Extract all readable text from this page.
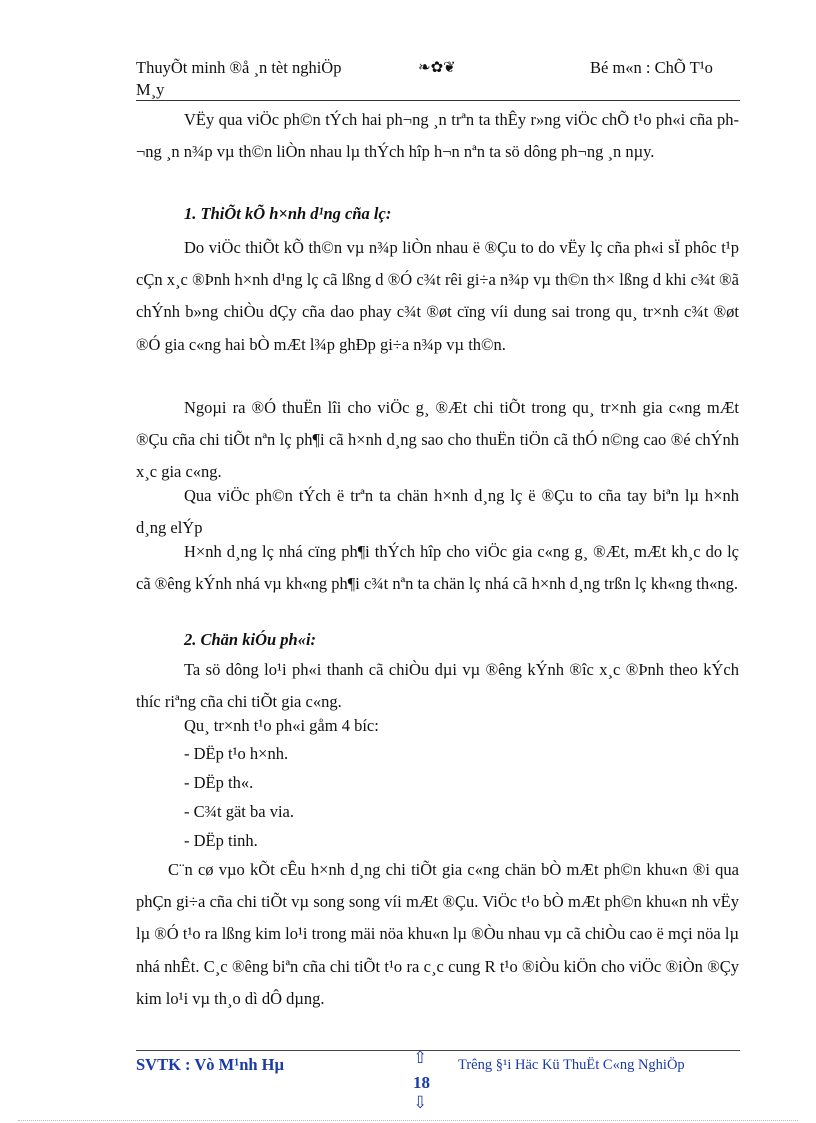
ThuyÕt minh ®å ¸n tèt nghiÖp	❧✿❦	Bé m«n : ChÕ T¹o
M¸y
VËy qua viÖc ph©n tÝch hai ph¬ng ¸n trªn ta thÊy r»ng viÖc chÕ t¹o ph«i cña ph¬ng ¸n n¾p vµ th©n liÒn nhau lµ thÝch hîp h¬n nªn ta sö dông ph¬ng ¸n nµy.
1. ThiÕt kÕ h×nh d¹ng cña lç:
Do viÖc thiÕt kÕ th©n vµ n¾p liÒn nhau ë ®Çu to do vËy lç cña ph«i sÏ phôc t¹p cÇn x¸c ®Þnh h×nh d¹ng lç cã lßng d ®Ó c¾t rêi gi÷a n¾p vµ th©n th× lßng d khi c¾t ®ã chÝnh b»ng chiÒu dÇy cña dao phay c¾t ®øt cïng víi dung sai trong qu¸ tr×nh c¾t ®øt ®Ó gia c«ng hai bÒ mÆt l¾p ghÐp gi÷a n¾p vµ th©n.
Ngoµi ra ®Ó thuËn lîi cho viÖc g¸ ®Æt chi tiÕt trong qu¸ tr×nh gia c«ng mÆt ®Çu cña chi tiÕt nªn lç ph¶i cã h×nh d¸ng sao cho thuËn tiÖn cã thÓ n©ng cao ®é chÝnh x¸c gia c«ng.
Qua viÖc ph©n tÝch ë trªn ta chän h×nh d¸ng lç ë ®Çu to cña tay biªn lµ h×nh d¸ng elÝp
H×nh d¸ng lç nhá cïng ph¶i thÝch hîp cho viÖc gia c«ng g¸ ®Æt, mÆt kh¸c do lç cã ®êng kÝnh nhá vµ kh«ng ph¶i c¾t nªn ta chän lç nhá cã h×nh d¸ng trßn lç kh«ng th«ng.
2. Chän kiÓu ph«i:
Ta sö dông lo¹i ph«i thanh cã chiÒu dµi vµ ®êng kÝnh ®îc x¸c ®Þnh theo kÝch thíc riªng cña chi tiÕt gia c«ng.
Qu¸ tr×nh t¹o ph«i gåm 4 bíc:
- DËp t¹o h×nh.
- DËp th«.
- C¾t gät ba via.
- DËp tinh.
C¨n cø vµo kÕt cÊu h×nh d¸ng chi tiÕt gia c«ng chän bÒ mÆt ph©n khu«n ®i qua phÇn gi÷a cña chi tiÕt vµ song song víi mÆt ®Çu. ViÖc t¹o bÒ mÆt ph©n khu«n nh vËy lµ ®Ó t¹o ra lßng kim lo¹i trong mäi nöa khu«n lµ ®Òu nhau vµ cã chiÒu cao ë mçi nöa lµ nhá nhÊt. C¸c ®êng biªn cña chi tiÕt t¹o ra c¸c cung R t¹o ®iÒu kiÖn cho viÖc ®iÒn ®Çy kim lo¹i vµ th¸o dì dÔ dµng.
SVTK : Vò M¹nh Hµ	⇧
18
⇩
Trêng §¹i Häc Kü ThuËt C«ng NghiÖp
